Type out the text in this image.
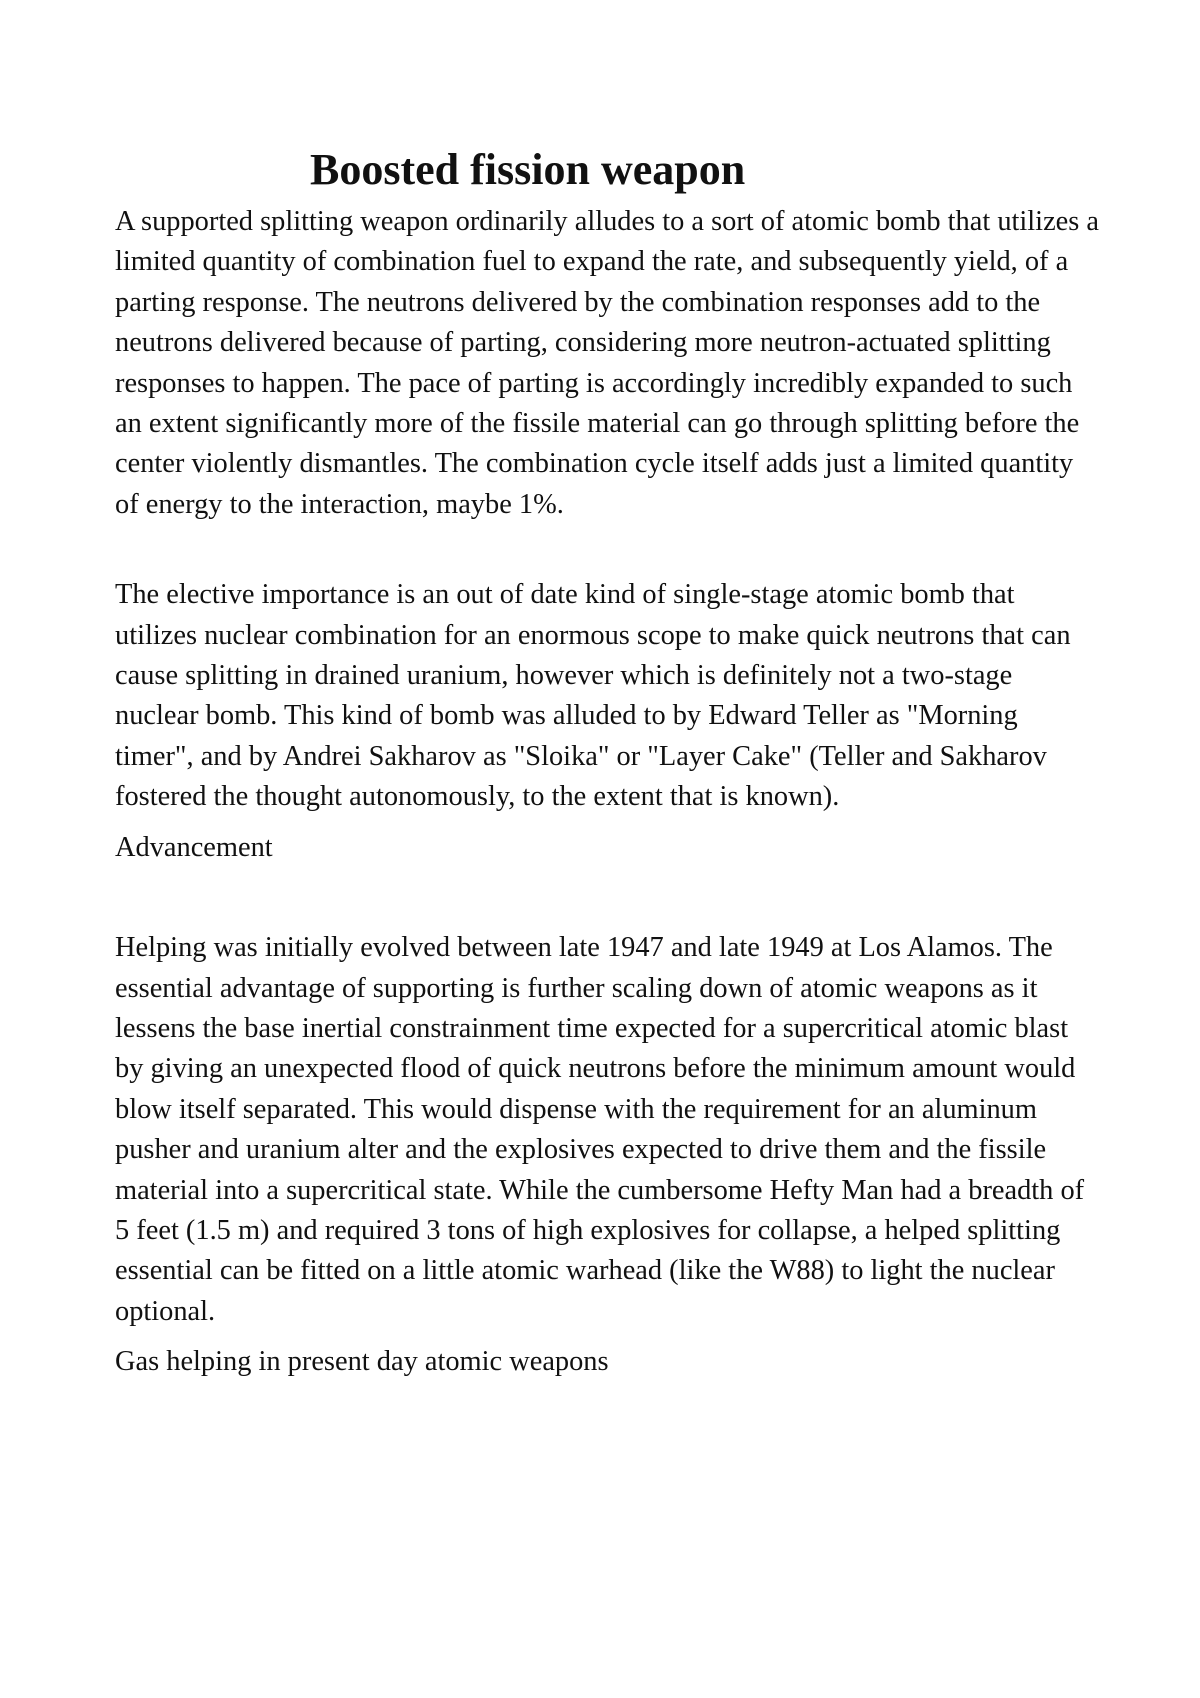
Boosted fission weapon

A supported splitting weapon ordinarily alludes to a sort of atomic bomb that utilizes a limited quantity of combination fuel to expand the rate, and subsequently yield, of a parting response. The neutrons delivered by the combination responses add to the neutrons delivered because of parting, considering more neutron-actuated splitting responses to happen. The pace of parting is accordingly incredibly expanded to such an extent significantly more of the fissile material can go through splitting before the center violently dismantles. The combination cycle itself adds just a limited quantity of energy to the interaction, maybe 1%.

The elective importance is an out of date kind of single-stage atomic bomb that utilizes nuclear combination for an enormous scope to make quick neutrons that can cause splitting in drained uranium, however which is definitely not a two-stage nuclear bomb. This kind of bomb was alluded to by Edward Teller as "Morning timer", and by Andrei Sakharov as "Sloika" or "Layer Cake" (Teller and Sakharov fostered the thought autonomously, to the extent that is known).

Advancement

Helping was initially evolved between late 1947 and late 1949 at Los Alamos. The essential advantage of supporting is further scaling down of atomic weapons as it lessens the base inertial constrainment time expected for a supercritical atomic blast by giving an unexpected flood of quick neutrons before the minimum amount would blow itself separated. This would dispense with the requirement for an aluminum pusher and uranium alter and the explosives expected to drive them and the fissile material into a supercritical state. While the cumbersome Hefty Man had a breadth of 5 feet (1.5 m) and required 3 tons of high explosives for collapse, a helped splitting essential can be fitted on a little atomic warhead (like the W88) to light the nuclear optional.

Gas helping in present day atomic weapons
